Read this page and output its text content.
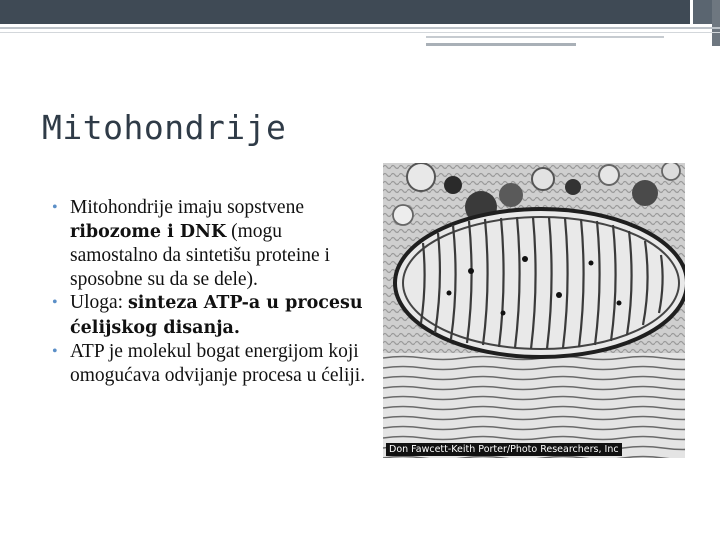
Mitohondrije
• Mitohondrije imaju sopstvene ribozome i DNK (mogu samostalno da sintetišu proteine i sposobne su da se dele).
• Uloga: sinteza ATP-a u procesu ćelijskog disanja.
• ATP je molekul bogat energijom koji omogućava odvijanje procesa u ćeliji.
Don Fawcett-Keith Porter/Photo Researchers, Inc
